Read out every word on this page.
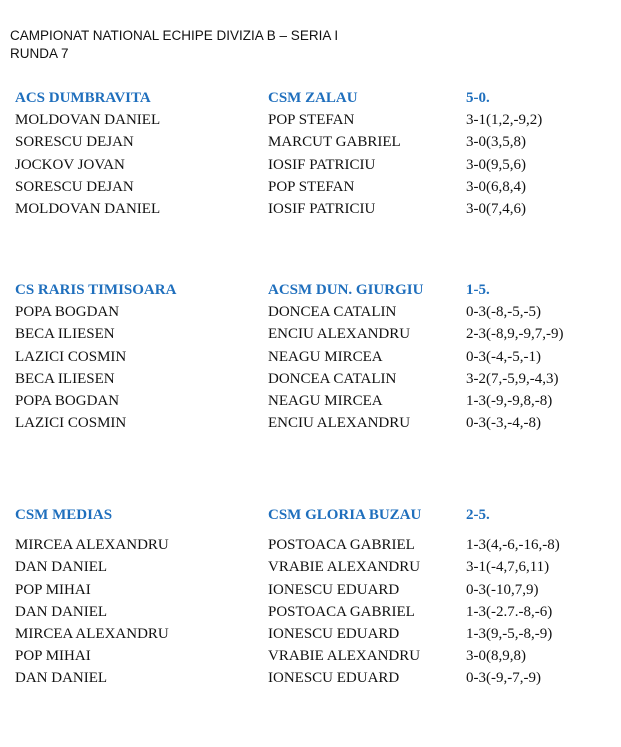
CAMPIONAT NATIONAL ECHIPE DIVIZIA B – SERIA I
RUNDA 7
ACS DUMBRAVITA	CSM ZALAU	5-0.
MOLDOVAN DANIEL	POP STEFAN	3-1(1,2,-9,2)
SORESCU DEJAN	MARCUT GABRIEL	3-0(3,5,8)
JOCKOV JOVAN	IOSIF PATRICIU	3-0(9,5,6)
SORESCU DEJAN	POP STEFAN	3-0(6,8,4)
MOLDOVAN DANIEL	IOSIF PATRICIU	3-0(7,4,6)
CS RARIS TIMISOARA	ACSM DUN. GIURGIU	1-5.
POPA BOGDAN	DONCEA CATALIN	0-3(-8,-5,-5)
BECA ILIESEN	ENCIU ALEXANDRU	2-3(-8,9,-9,7,-9)
LAZICI COSMIN	NEAGU MIRCEA	0-3(-4,-5,-1)
BECA ILIESEN	DONCEA CATALIN	3-2(7,-5,9,-4,3)
POPA BOGDAN	NEAGU MIRCEA	1-3(-9,-9,8,-8)
LAZICI COSMIN	ENCIU ALEXANDRU	0-3(-3,-4,-8)
CSM MEDIAS	CSM GLORIA BUZAU	2-5.
MIRCEA ALEXANDRU	POSTOACA GABRIEL	1-3(4,-6,-16,-8)
DAN DANIEL	VRABIE ALEXANDRU	3-1(-4,7,6,11)
POP MIHAI	IONESCU EDUARD	0-3(-10,7,9)
DAN DANIEL	POSTOACA GABRIEL	1-3(-2.7.-8,-6)
MIRCEA ALEXANDRU	IONESCU EDUARD	1-3(9,-5,-8,-9)
POP MIHAI	VRABIE ALEXANDRU	3-0(8,9,8)
DAN DANIEL	IONESCU EDUARD	0-3(-9,-7,-9)
